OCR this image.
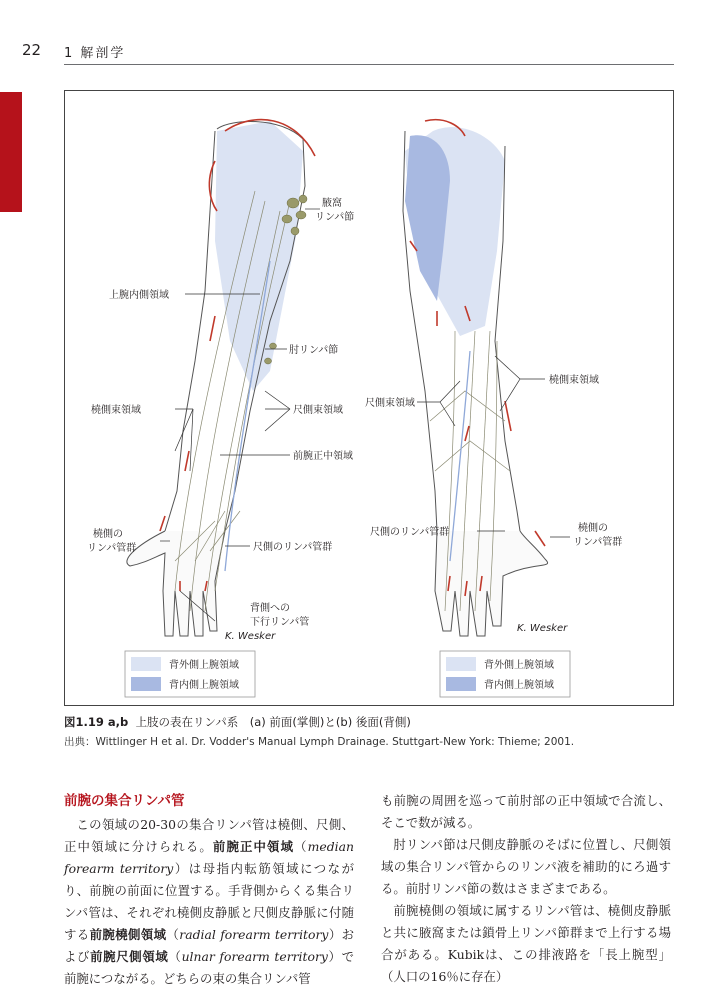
22 1 解剖学
腋窩
リンパ節
上腕内側領域
肘リンパ節
橈側束領域	尺側束領域
前腕正中領域
橈側の
リンパ管群	尺側のリンパ管群
背側への
下行リンパ管
K. Wesker
尺側束領域
橈側束領域
尺側のリンパ管群	橈側の
リンパ管群
K. Wesker
背外側上腕領域
背内側上腕領域
背外側上腕領域
背内側上腕領域
図1.19 a,b 上肢の表在リンパ系　(a) 前面(掌側)と(b) 後面(背側)
出典：Wittlinger H et al. Dr. Vodder's Manual Lymph Drainage. Stuttgart-New York: Thieme; 2001.
前腕の集合リンパ管

この領域の20-30の集合リンパ管は橈側、尺側、正中領域に分けられる。前腕正中領域（median forearm territory）は母指内転筋領域につながり、前腕の前面に位置する。手背側からくる集合リンパ管は、それぞれ橈側皮静脈と尺側皮静脈に付随する前腕橈側領域（radial forearm territory）および前腕尺側領域（ulnar forearm territory）で前腕につながる。どちらの束の集合リンパ管

も前腕の周囲を巡って前肘部の正中領域で合流し、そこで数が減る。

肘リンパ節は尺側皮静脈のそばに位置し、尺側領域の集合リンパ管からのリンパ液を補助的にろ過する。前肘リンパ節の数はさまざまである。

前腕橈側の領域に属するリンパ管は、橈側皮静脈と共に腋窩または鎖骨上リンパ節群まで上行する場合がある。Kubikは、この排液路を「長上腕型」（人口の16％に存在）
